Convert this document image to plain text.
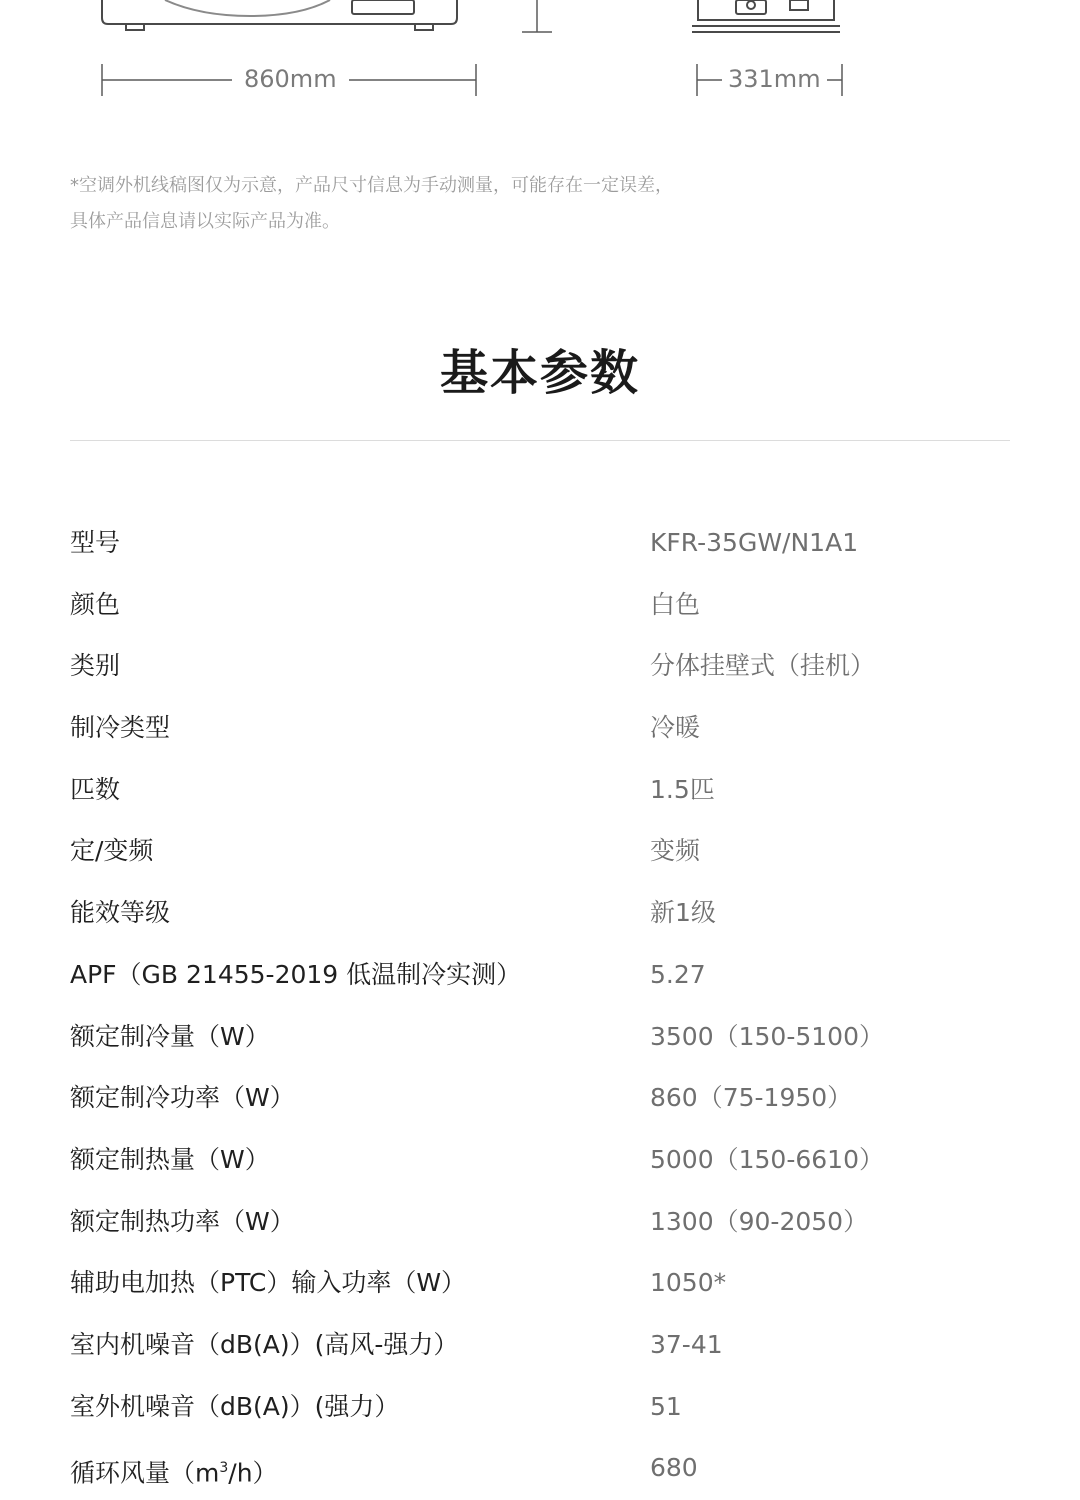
860mm	331mm
*空调外机线稿图仅为示意，产品尺寸信息为手动测量，可能存在一定误差，
具体产品信息请以实际产品为准。
基本参数
型号	KFR-35GW/N1A1
颜色	白色
类别	分体挂壁式（挂机）
制冷类型	冷暖
匹数	1.5匹
定/变频	变频
能效等级	新1级
APF（GB 21455-2019 低温制冷实测）	5.27
额定制冷量（W）	3500（150-5100）
额定制冷功率（W）	860（75-1950）
额定制热量（W）	5000（150-6610）
额定制热功率（W）	1300（90-2050）
辅助电加热（PTC）输入功率（W）	1050*
室内机噪音（dB(A)）(高风-强力）	37-41
室外机噪音（dB(A)）(强力）	51
循环风量$(m^3/h)$	680
